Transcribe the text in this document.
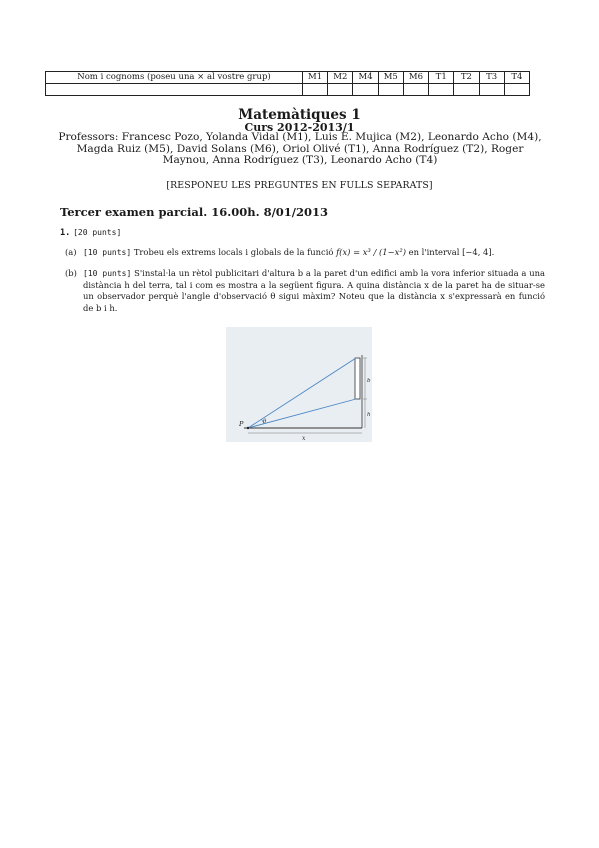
Nom i cognoms (poseu una × al vostre grup)	M1	M2	M4	M5	M6	T1	T2	T3	T4

Matemàtiques 1
Curs 2012-2013/1
Professors: Francesc Pozo, Yolanda Vidal (M1), Luis E. Mujica (M2), Leonardo Acho (M4),
Magda Ruiz (M5), David Solans (M6), Oriol Olivé (T1), Anna Rodríguez (T2), Roger
Maynou, Anna Rodríguez (T3), Leonardo Acho (T4)
[RESPONEU LES PREGUNTES EN FULLS SEPARATS]
Tercer examen parcial. 16.00h. 8/01/2013
1. [20 punts]
(a) [10 punts] Trobeu els extrems locals i globals de la funció f(x) = x³ / (1−x²) en l'interval [−4, 4].
(b) [10 punts] S'instal·la un rètol publicitari d'altura b a la paret d'un edifici amb la vora inferior situada a una distància h del terra, tal i com es mostra a la següent figura. A quina distància x de la paret ha de situar-se un observador perquè l'angle d'observació θ sigui màxim? Noteu que la distància x s'expressarà en funció de b i h.
P	θ
b
h
x
